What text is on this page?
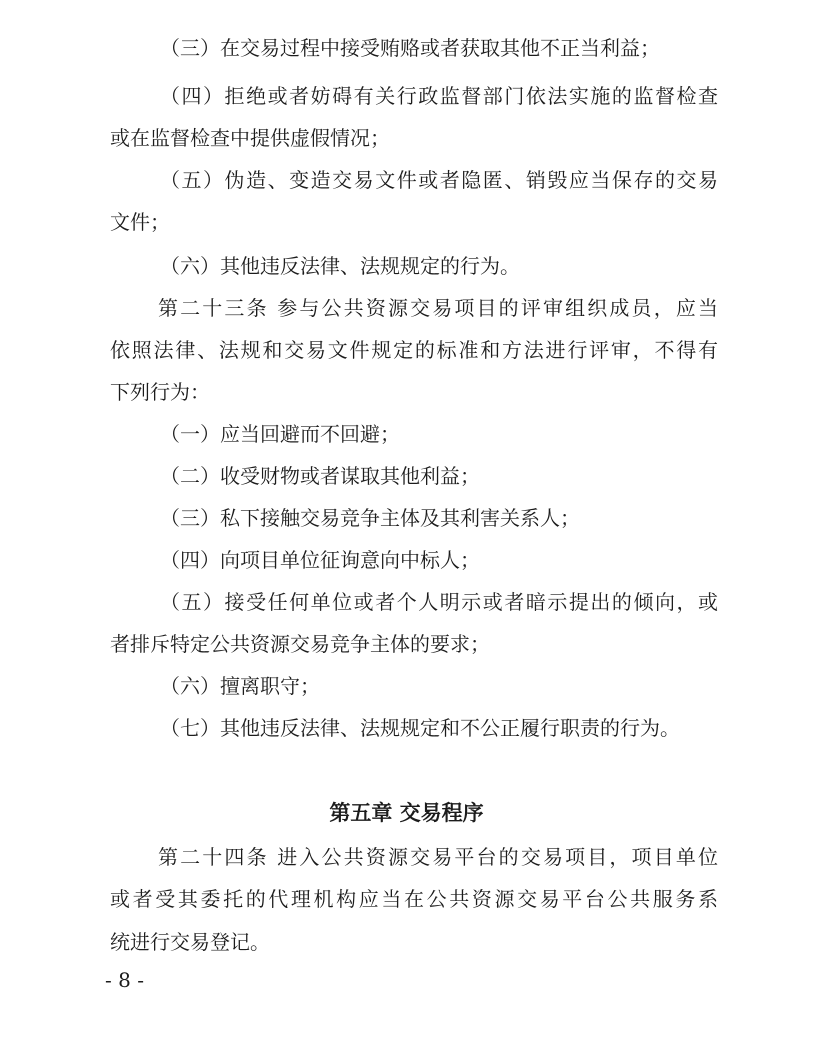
（三）在交易过程中接受贿赂或者获取其他不正当利益；

（四）拒绝或者妨碍有关行政监督部门依法实施的监督检查

或在监督检查中提供虚假情况；

（五）伪造、变造交易文件或者隐匿、销毁应当保存的交易

文件；

（六）其他违反法律、法规规定的行为。

第二十三条 参与公共资源交易项目的评审组织成员，应当

依照法律、法规和交易文件规定的标准和方法进行评审，不得有

下列行为：

（一）应当回避而不回避；

（二）收受财物或者谋取其他利益；

（三）私下接触交易竞争主体及其利害关系人；

（四）向项目单位征询意向中标人；

（五）接受任何单位或者个人明示或者暗示提出的倾向，或

者排斥特定公共资源交易竞争主体的要求；

（六）擅离职守；

（七）其他违反法律、法规规定和不公正履行职责的行为。

第五章 交易程序

第二十四条 进入公共资源交易平台的交易项目，项目单位

或者受其委托的代理机构应当在公共资源交易平台公共服务系

统进行交易登记。

- 8 -
